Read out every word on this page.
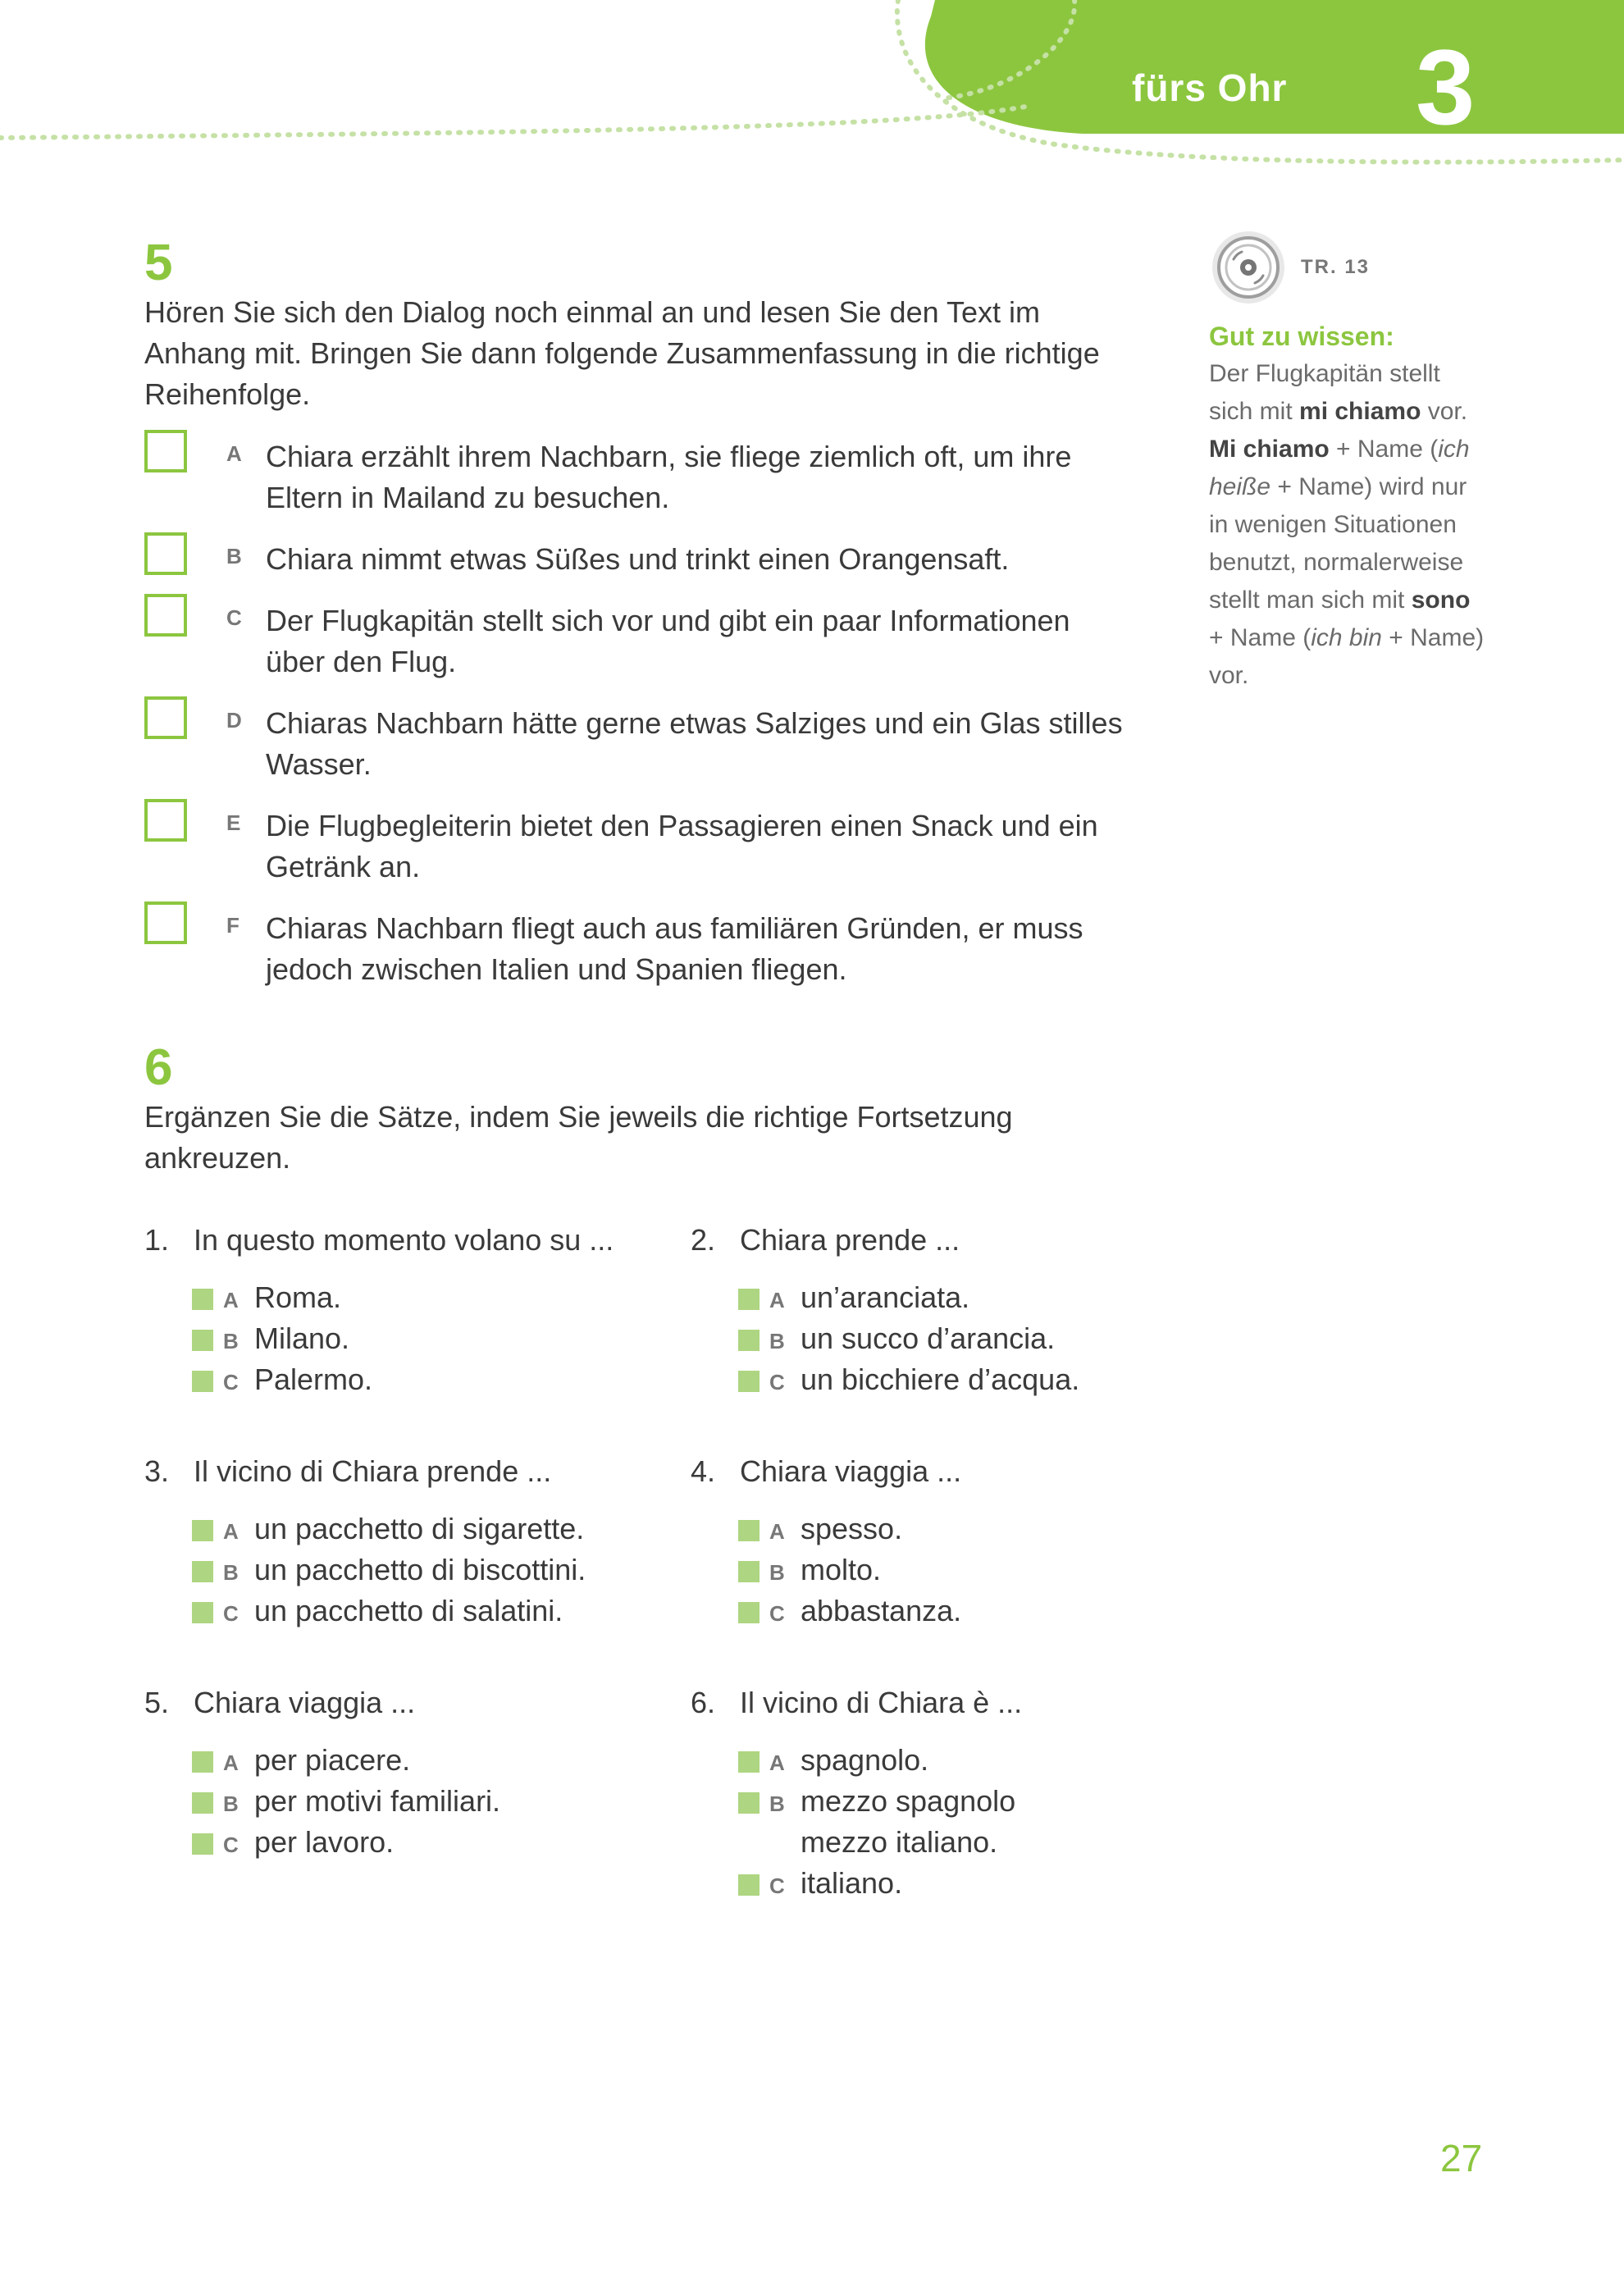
fürs Ohr	3
TR. 13
Gut zu wissen:
Der Flugkapitän stellt sich mit mi chiamo vor. Mi chiamo + Name (ich heiße + Name) wird nur in wenigen Situationen benutzt, normalerweise stellt man sich mit sono + Name (ich bin + Name) vor.
5
Hören Sie sich den Dialog noch einmal an und lesen Sie den Text im Anhang mit. Bringen Sie dann folgende Zusammenfassung in die richtige Reihenfolge.
A Chiara erzählt ihrem Nachbarn, sie fliege ziemlich oft, um ihre Eltern in Mailand zu besuchen.
B Chiara nimmt etwas Süßes und trinkt einen Orangensaft.
C Der Flugkapitän stellt sich vor und gibt ein paar Informationen über den Flug.
D Chiaras Nachbarn hätte gerne etwas Salziges und ein Glas stilles Wasser.
E Die Flugbegleiterin bietet den Passagieren einen Snack und ein Getränk an.
F Chiaras Nachbarn fliegt auch aus familiären Gründen, er muss jedoch zwischen Italien und Spanien fliegen.
6
Ergänzen Sie die Sätze, indem Sie jeweils die richtige Fortsetzung ankreuzen.
1. In questo momento volano su ...
A Roma.
B Milano.
C Palermo.
2. Chiara prende ...
A un’aranciata.
B un succo d’arancia.
C un bicchiere d’acqua.
3. Il vicino di Chiara prende ...
A un pacchetto di sigarette.
B un pacchetto di biscottini.
C un pacchetto di salatini.
4. Chiara viaggia ...
A spesso.
B molto.
C abbastanza.
5. Chiara viaggia ...
A per piacere.
B per motivi familiari.
C per lavoro.
6. Il vicino di Chiara è ...
A spagnolo.
B mezzo spagnolo mezzo italiano.
C italiano.
27
